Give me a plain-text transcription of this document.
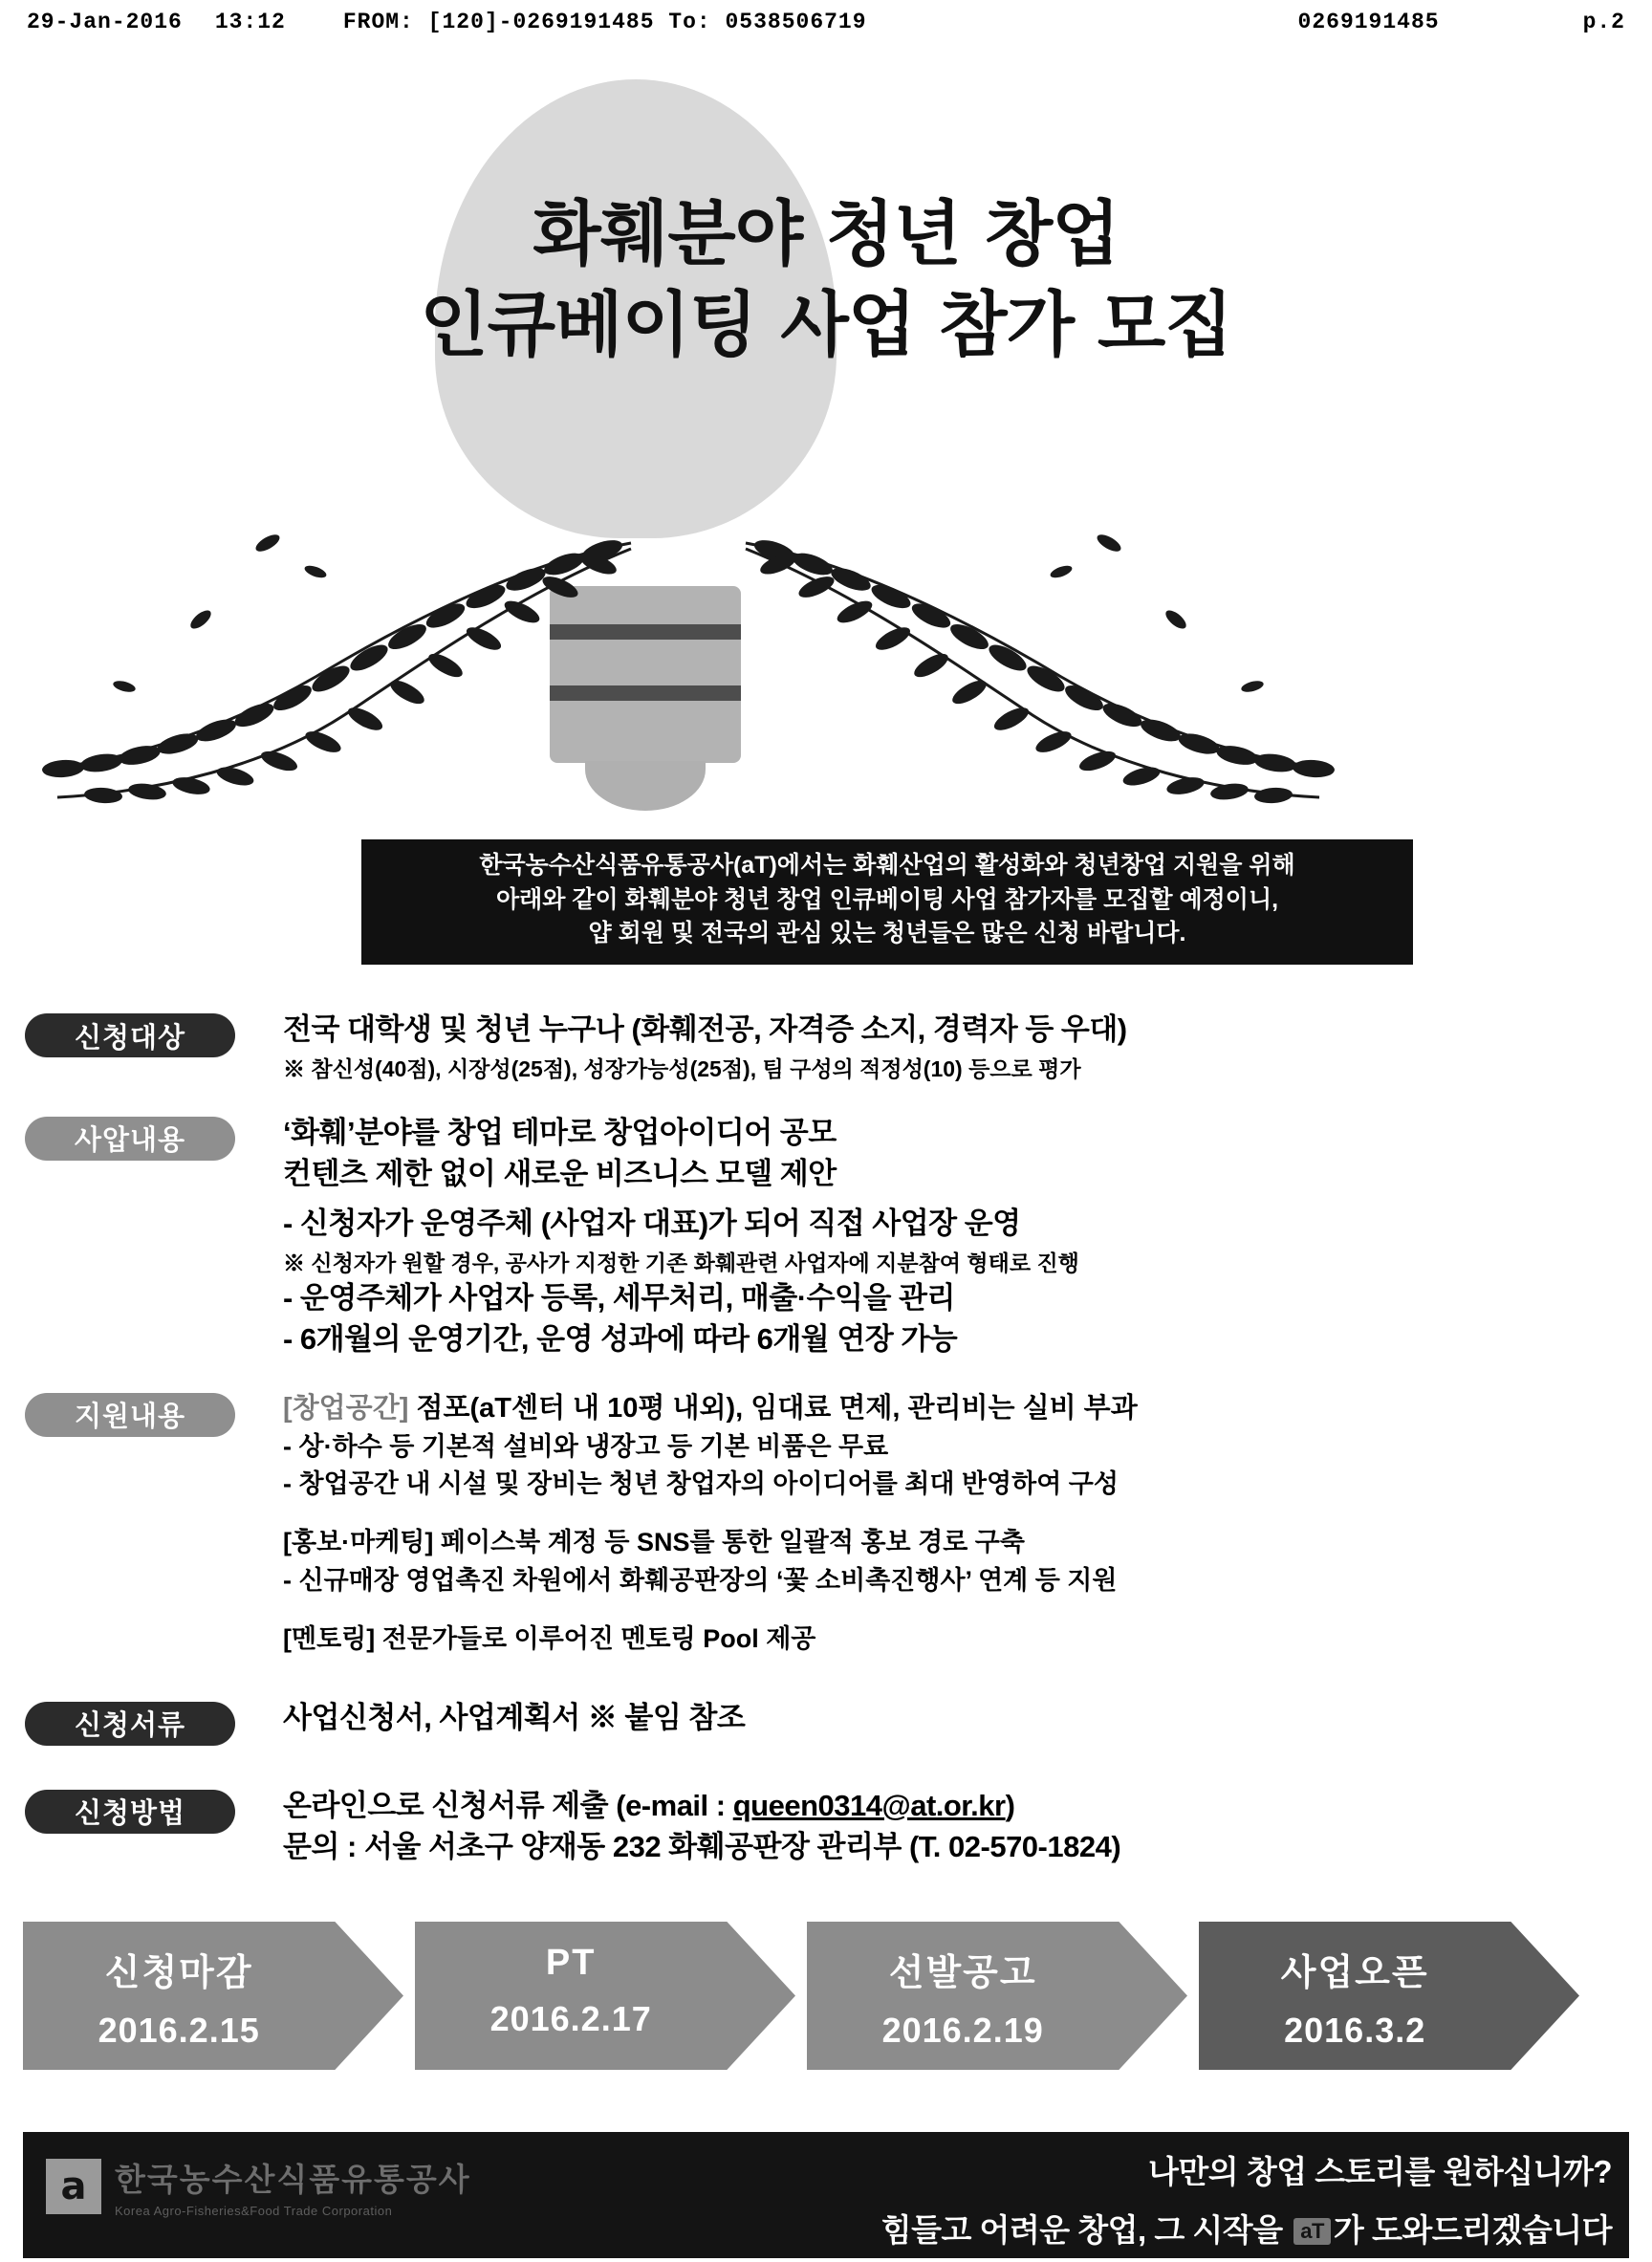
29-Jan-2016 13:12	FROM: [120]-0269191485 To: 0538506719	0269191485	p.2
화훼분야 청년 창업
인큐베이팅 사업 참가 모집
한국농수산식품유통공사(aT)에서는 화훼산업의 활성화와 청년창업 지원을 위해
아래와 같이 화훼분야 청년 창업 인큐베이팅 사업 참가자를 모집할 예정이니,
얍 회원 및 전국의 관심 있는 청년들은 많은 신청 바랍니다.
신청대상	전국 대학생 및 청년 누구나 (화훼전공, 자격증 소지, 경력자 등 우대)
※ 참신성(40점), 시장성(25점), 성장가능성(25점), 팀 구성의 적정성(10) 등으로 평가
사압내용	‘화훼’분야를 창업 테마로 창업아이디어 공모
컨텐츠 제한 없이 새로운 비즈니스 모델 제안
- 신청자가 운영주체 (사업자 대표)가 되어 직접 사업장 운영
※ 신청자가 원할 경우, 공사가 지정한 기존 화훼관련 사업자에 지분참여 형태로 진행
- 운영주체가 사업자 등록, 세무처리, 매출·수익을 관리
- 6개월의 운영기간, 운영 성과에 따라 6개월 연장 가능
지원내용	[창업공간] 점포(aT센터 내 10평 내외), 임대료 면제, 관리비는 실비 부과
- 상·하수 등 기본적 설비와 냉장고 등 기본 비품은 무료
- 창업공간 내 시설 및 장비는 청년 창업자의 아이디어를 최대 반영하여 구성
[홍보·마케팅] 페이스북 계정 등 SNS를 통한 일괄적 홍보 경로 구축
- 신규매장 영업촉진 차원에서 화훼공판장의 ‘꽃 소비촉진행사’ 연계 등 지원
[멘토링] 전문가들로 이루어진 멘토링 Pool 제공
신청서류	사업신청서, 사업계획서 ※ 붙임 참조
신청방법	온라인으로 신청서류 제출 (e-mail : queen0314@at.or.kr)
문의 : 서울 서초구 양재동 232 화훼공판장 관리부 (T. 02-570-1824)
신청마감
2016.2.15
PT
2016.2.17
선발공고
2016.2.19
사업오픈
2016.3.2
a 한국농수산식품유통공사
Korea Agro-Fisheries&Food Trade Corporation
나만의 창업 스토리를 원하십니까?
힘들고 어려운 창업, 그 시작을 aT 가 도와드리겠습니다
